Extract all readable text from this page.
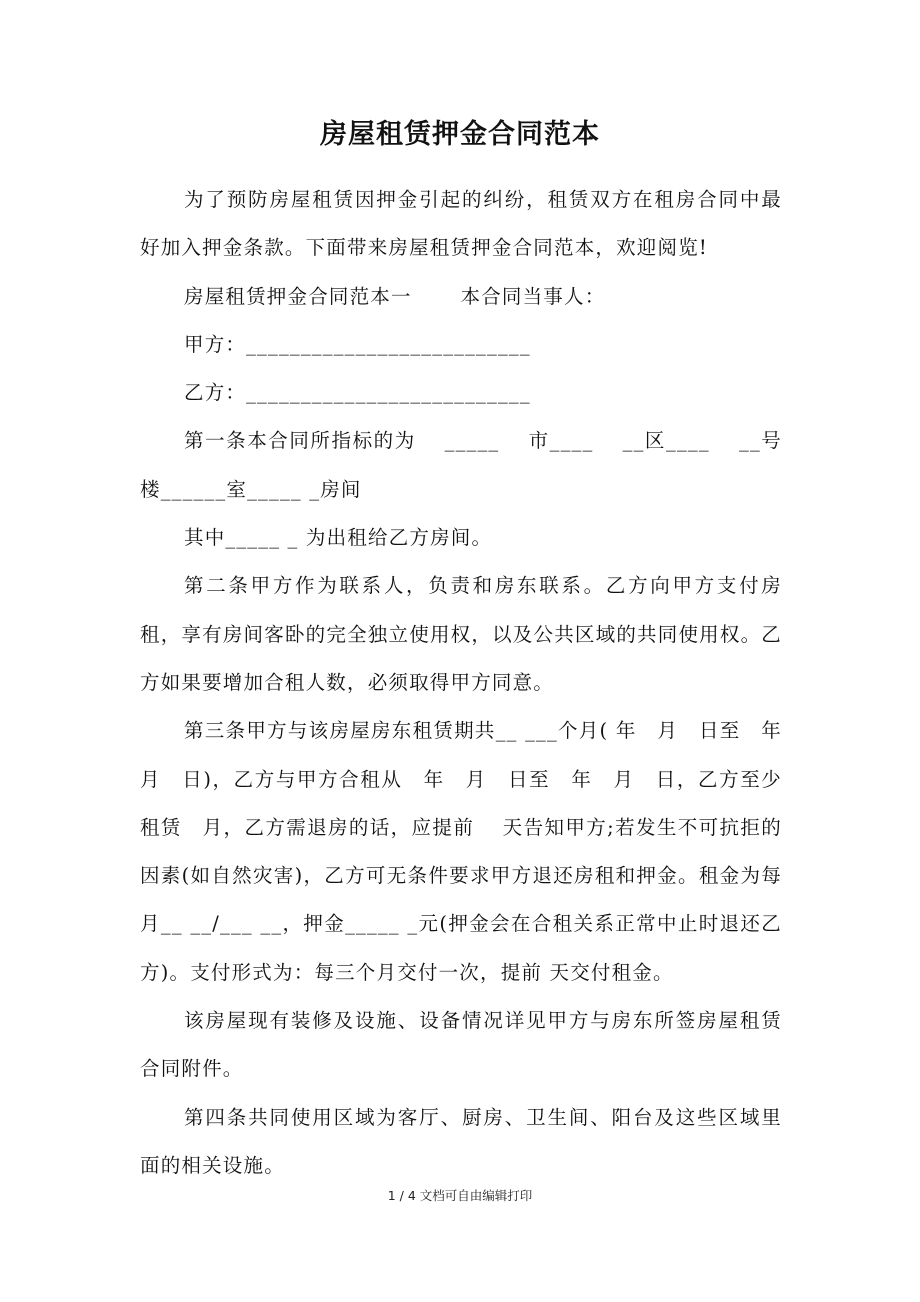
房屋租赁押金合同范本

为了预防房屋租赁因押金引起的纠纷，租赁双方在租房合同中最好加入押金条款。下面带来房屋租赁押金合同范本，欢迎阅览!

房屋租赁押金合同范本一　　 本合同当事人：

甲方：__________________________

乙方：__________________________

第一条本合同所指标的为　 _____　 市____　 __区____　 __号楼______室_____ _房间

其中_____ _ 为出租给乙方房间。

第二条甲方作为联系人，负责和房东联系。乙方向甲方支付房租，享有房间客卧的完全独立使用权，以及公共区域的共同使用权。乙方如果要增加合租人数，必须取得甲方同意。

第三条甲方与该房屋房东租赁期共__ ___个月( 年　月　日至　年　月　日)，乙方与甲方合租从　年　月　日至　年　月　日，乙方至少租赁　月，乙方需退房的话，应提前　 天告知甲方;若发生不可抗拒的因素(如自然灾害)，乙方可无条件要求甲方退还房租和押金。租金为每月__ __/___ __，押金_____ _元(押金会在合租关系正常中止时退还乙方)。支付形式为：每三个月交付一次，提前 天交付租金。

该房屋现有装修及设施、设备情况详见甲方与房东所签房屋租赁合同附件。

第四条共同使用区域为客厅、厨房、卫生间、阳台及这些区域里面的相关设施。

1 / 4 文档可自由编辑打印
